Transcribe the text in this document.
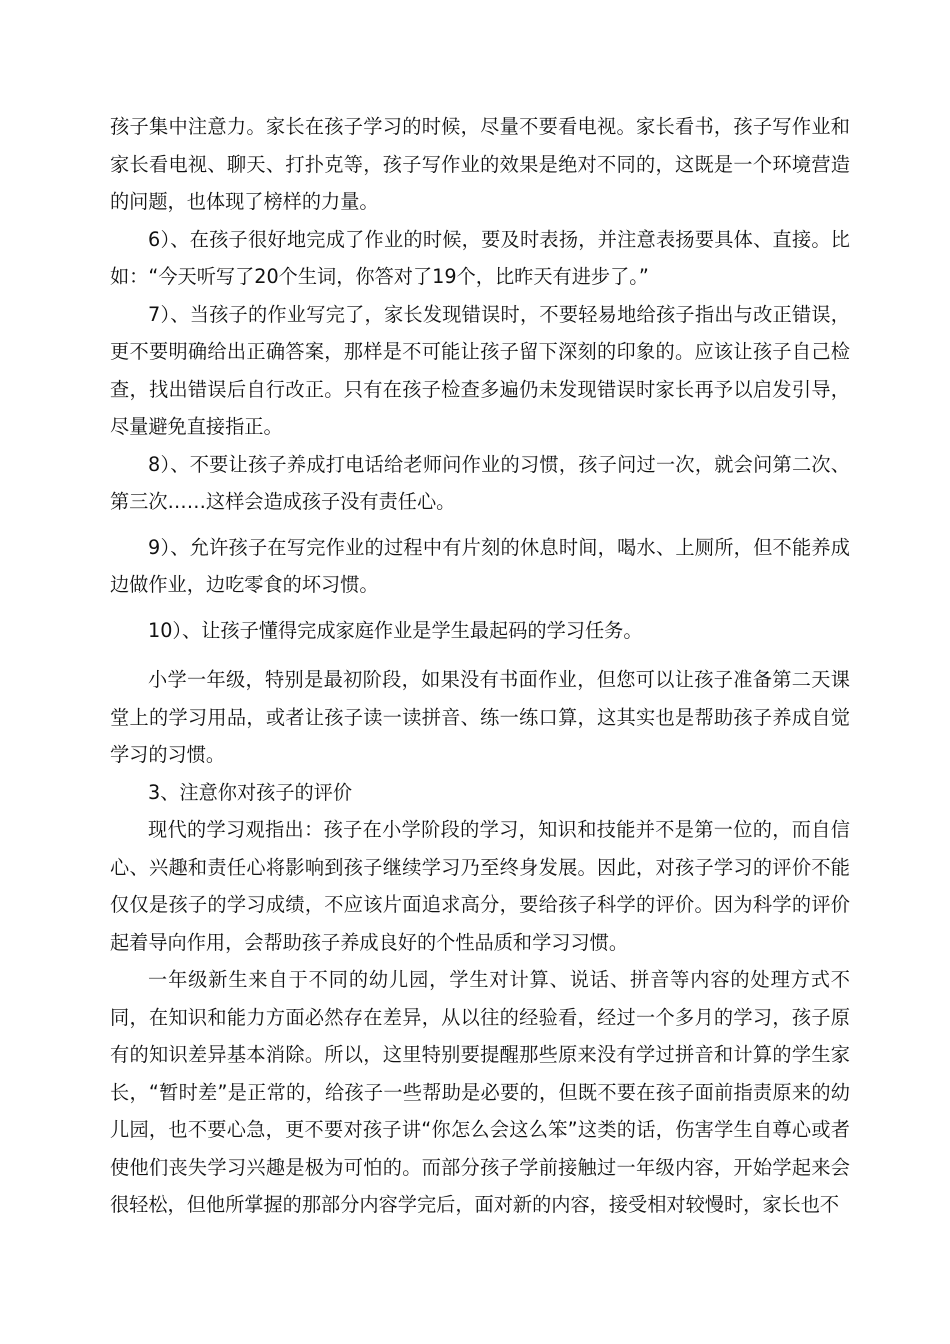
孩子集中注意力。家长在孩子学习的时候，尽量不要看电视。家长看书，孩子写作业和家长看电视、聊天、打扑克等，孩子写作业的效果是绝对不同的，这既是一个环境营造的问题，也体现了榜样的力量。

6）、在孩子很好地完成了作业的时候，要及时表扬，并注意表扬要具体、直接。比如：“今天听写了20个生词，你答对了19个，比昨天有进步了。”

7）、当孩子的作业写完了，家长发现错误时，不要轻易地给孩子指出与改正错误，更不要明确给出正确答案，那样是不可能让孩子留下深刻的印象的。应该让孩子自己检查，找出错误后自行改正。只有在孩子检查多遍仍未发现错误时家长再予以启发引导，尽量避免直接指正。

8）、不要让孩子养成打电话给老师问作业的习惯，孩子问过一次，就会问第二次、第三次……这样会造成孩子没有责任心。

9）、允许孩子在写完作业的过程中有片刻的休息时间，喝水、上厕所，但不能养成边做作业，边吃零食的坏习惯。

10）、让孩子懂得完成家庭作业是学生最起码的学习任务。

小学一年级，特别是最初阶段，如果没有书面作业，但您可以让孩子准备第二天课堂上的学习用品，或者让孩子读一读拼音、练一练口算，这其实也是帮助孩子养成自觉学习的习惯。

3、注意你对孩子的评价

现代的学习观指出：孩子在小学阶段的学习，知识和技能并不是第一位的，而自信心、兴趣和责任心将影响到孩子继续学习乃至终身发展。因此，对孩子学习的评价不能仅仅是孩子的学习成绩，不应该片面追求高分，要给孩子科学的评价。因为科学的评价起着导向作用，会帮助孩子养成良好的个性品质和学习习惯。

一年级新生来自于不同的幼儿园，学生对计算、说话、拼音等内容的处理方式不同，在知识和能力方面必然存在差异，从以往的经验看，经过一个多月的学习，孩子原有的知识差异基本消除。所以，这里特别要提醒那些原来没有学过拼音和计算的学生家长，“暂时差”是正常的，给孩子一些帮助是必要的，但既不要在孩子面前指责原来的幼儿园，也不要心急，更不要对孩子讲“你怎么会这么笨”这类的话，伤害学生自尊心或者使他们丧失学习兴趣是极为可怕的。而部分孩子学前接触过一年级内容，开始学起来会很轻松，但他所掌握的那部分内容学完后，面对新的内容，接受相对较慢时，家长也不
